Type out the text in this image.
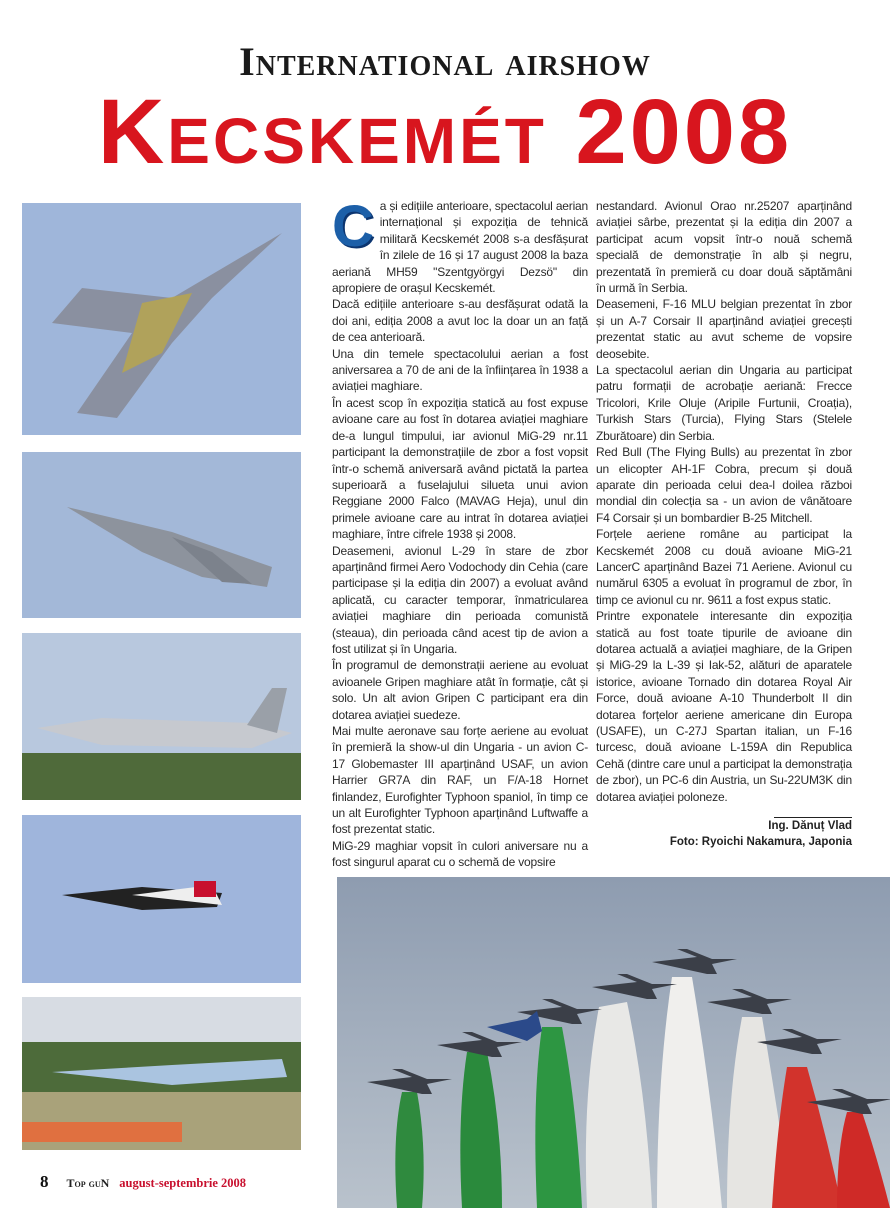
International airshow
Kecskemét 2008

Ca și edițiile anterioare, spectacolul aerian internațional și expoziția de tehnică militară Kecskemét 2008 s-a desfășurat în zilele de 16 și 17 august 2008 la baza aeriană MH59 "Szentgyörgyi Dezsö" din apropiere de orașul Kecskemét.

Dacă edițiile anterioare s-au desfășurat odată la doi ani, ediția 2008 a avut loc la doar un an față de cea anterioară.

Una din temele spectacolului aerian a fost aniversarea a 70 de ani de la înființarea în 1938 a aviației maghiare.

În acest scop în expoziția statică au fost expuse avioane care au fost în dotarea aviației maghiare de-a lungul timpului, iar avionul MiG-29 nr.11 participant la demonstrațiile de zbor a fost vopsit într-o schemă aniversară având pictată la partea superioară a fuselajului silueta unui avion Reggiane 2000 Falco (MAVAG Heja), unul din primele avioane care au intrat în dotarea aviației maghiare, între cifrele 1938 și 2008.

Deasemeni, avionul L-29 în stare de zbor aparținând firmei Aero Vodochody din Cehia (care participase și la ediția din 2007) a evoluat având aplicată, cu caracter temporar, înmatricularea aviației maghiare din perioada comunistă (steaua), din perioada când acest tip de avion a fost utilizat și în Ungaria.

În programul de demonstrații aeriene au evoluat avioanele Gripen maghiare atât în formație, cât și solo. Un alt avion Gripen C participant era din dotarea aviației suedeze.

Mai multe aeronave sau forțe aeriene au evoluat în premieră la show-ul din Ungaria - un avion C-17 Globemaster III aparținând USAF, un avion Harrier GR7A din RAF, un F/A-18 Hornet finlandez, Eurofighter Typhoon spaniol, în timp ce un alt Eurofighter Typhoon aparținând Luftwaffe a fost prezentat static.

MiG-29 maghiar vopsit în culori aniversare nu a fost singurul aparat cu o schemă de vopsire

nestandard. Avionul Orao nr.25207 aparținând aviației sârbe, prezentat și la ediția din 2007 a participat acum vopsit într-o nouă schemă specială de demonstrație în alb și negru, prezentată în premieră cu doar două săptămâni în urmă în Serbia.

Deasemeni, F-16 MLU belgian prezentat în zbor și un A-7 Corsair II aparținând aviației grecești prezentat static au avut scheme de vopsire deosebite.

La spectacolul aerian din Ungaria au participat patru formații de acrobație aeriană: Frecce Tricolori, Krile Oluje (Aripile Furtunii, Croația), Turkish Stars (Turcia), Flying Stars (Stelele Zburătoare) din Serbia.

Red Bull (The Flying Bulls) au prezentat în zbor un elicopter AH-1F Cobra, precum și două aparate din perioada celui dea-l doilea război mondial din colecția sa - un avion de vânătoare F4 Corsair și un bombardier B-25 Mitchell.

Forțele aeriene române au participat la Kecskemét 2008 cu două avioane MiG-21 LancerC aparținând Bazei 71 Aeriene. Avionul cu numărul 6305 a evoluat în programul de zbor, în timp ce avionul cu nr. 9611 a fost expus static.

Printre exponatele interesante din expoziția statică au fost toate tipurile de avioane din dotarea actuală a aviației maghiare, de la Gripen și MiG-29 la L-39 și Iak-52, alături de aparatele istorice, avioane Tornado din dotarea Royal Air Force, două avioane A-10 Thunderbolt II din dotarea forțelor aeriene americane din Europa (USAFE), un C-27J Spartan italian, un F-16 turcesc, două avioane L-159A din Republica Cehă (dintre care unul a participat la demonstrația de zbor), un PC-6 din Austria, un Su-22UM3K din dotarea aviației poloneze.

Ing. Dănuț Vlad
Foto: Ryoichi Nakamura, Japonia
8 Top guN august-septembrie 2008
